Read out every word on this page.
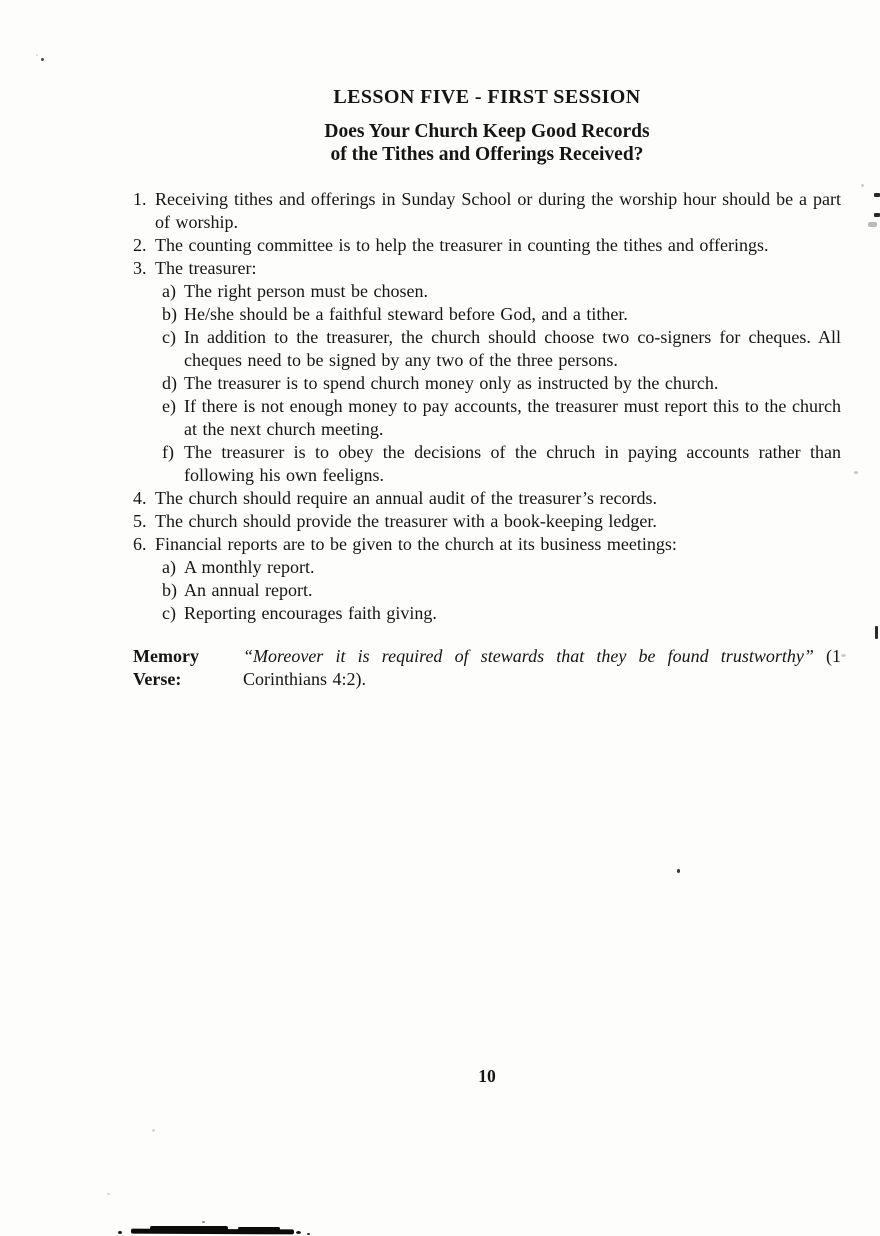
LESSON FIVE - FIRST SESSION
Does Your Church Keep Good Records
of the Tithes and Offerings Received?
1. Receiving tithes and offerings in Sunday School or during the worship hour should be a part of worship.
2. The counting committee is to help the treasurer in counting the tithes and offerings.
3. The treasurer:
a) The right person must be chosen.
b) He/she should be a faithful steward before God, and a tither.
c) In addition to the treasurer, the church should choose two co-signers for cheques. All cheques need to be signed by any two of the three persons.
d) The treasurer is to spend church money only as instructed by the church.
e) If there is not enough money to pay accounts, the treasurer must report this to the church at the next church meeting.
f) The treasurer is to obey the decisions of the chruch in paying accounts rather than following his own feeligns.
4. The church should require an annual audit of the treasurer’s records.
5. The church should provide the treasurer with a book-keeping ledger.
6. Financial reports are to be given to the church at its business meetings:
a) A monthly report.
b) An annual report.
c) Reporting encourages faith giving.
Memory Verse:
“Moreover it is required of stewards that they be found trustworthy” (1 Corinthians 4:2).
10
